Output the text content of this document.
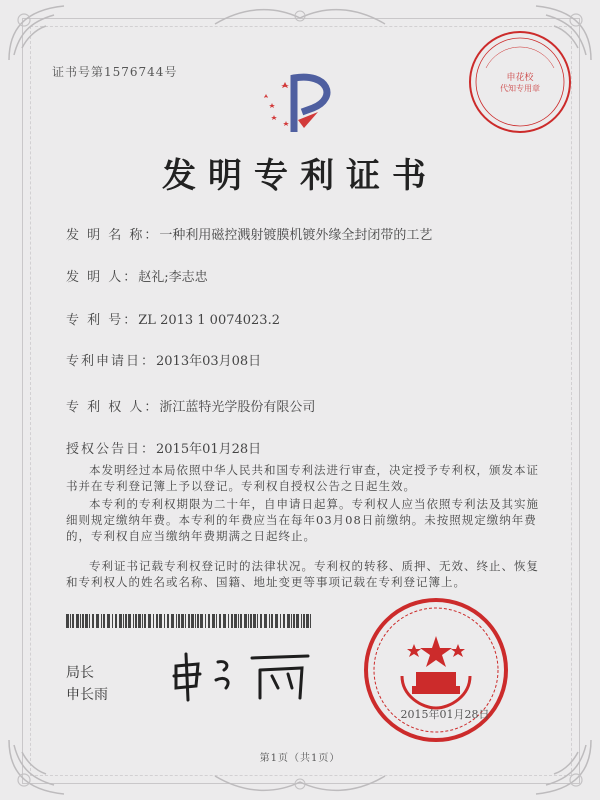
证书号第1576744号	申花校
代知专用章
发明专利证书
发 明 名 称：一种利用磁控溅射镀膜机镀外缘全封闭带的工艺
发 明 人：赵礼;李志忠
专 利 号：ZL 2013 1 0074023.2
专利申请日：2013年03月08日
专 利 权 人：浙江蓝特光学股份有限公司
授权公告日：2015年01月28日

本发明经过本局依照中华人民共和国专利法进行审查，决定授予专利权，颁发本证书并在专利登记簿上予以登记。专利权自授权公告之日起生效。

本专利的专利权期限为二十年，自申请日起算。专利权人应当依照专利法及其实施细则规定缴纳年费。本专利的年费应当在每年03月08日前缴纳。未按照规定缴纳年费的，专利权自应当缴纳年费期满之日起终止。

专利证书记载专利权登记时的法律状况。专利权的转移、质押、无效、终止、恢复和专利权人的姓名或名称、国籍、地址变更等事项记载在专利登记簿上。

局长
申长雨
2015年01月28日
第1页（共1页）
